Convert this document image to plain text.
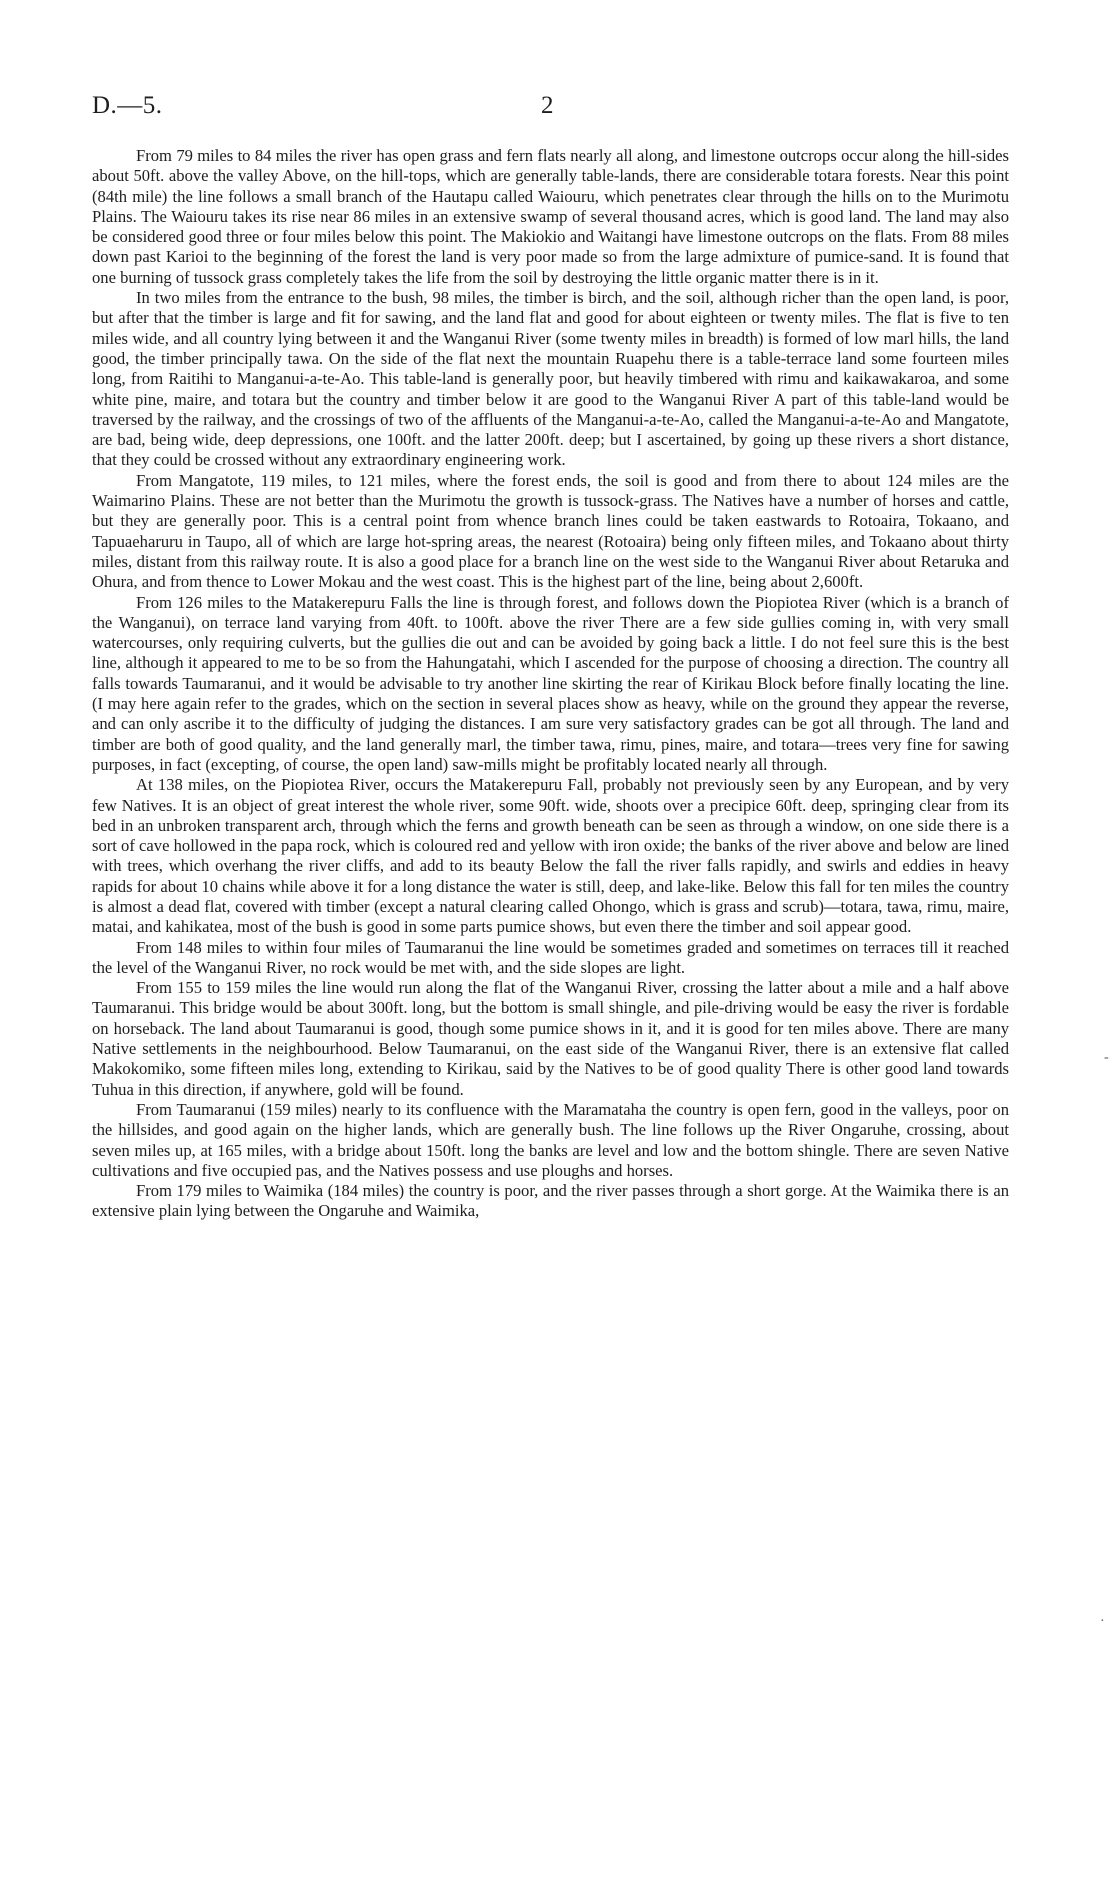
D.—5.	2

From 79 miles to 84 miles the river has open grass and fern flats nearly all along, and limestone outcrops occur along the hill-sides about 50ft. above the valley Above, on the hill-tops, which are generally table-lands, there are considerable totara forests. Near this point (84th mile) the line follows a small branch of the Hautapu called Waiouru, which penetrates clear through the hills on to the Murimotu Plains. The Waiouru takes its rise near 86 miles in an extensive swamp of several thousand acres, which is good land. The land may also be considered good three or four miles below this point. The Makiokio and Waitangi have limestone outcrops on the flats. From 88 miles down past Karioi to the beginning of the forest the land is very poor made so from the large admixture of pumice-sand. It is found that one burning of tussock grass completely takes the life from the soil by destroying the little organic matter there is in it.

In two miles from the entrance to the bush, 98 miles, the timber is birch, and the soil, although richer than the open land, is poor, but after that the timber is large and fit for sawing, and the land flat and good for about eighteen or twenty miles. The flat is five to ten miles wide, and all country lying between it and the Wanganui River (some twenty miles in breadth) is formed of low marl hills, the land good, the timber principally tawa. On the side of the flat next the mountain Ruapehu there is a table-terrace land some fourteen miles long, from Raitihi to Manganui-a-te-Ao. This table-land is generally poor, but heavily timbered with rimu and kaikawakaroa, and some white pine, maire, and totara but the country and timber below it are good to the Wanganui River A part of this table-land would be traversed by the railway, and the crossings of two of the affluents of the Manganui-a-te-Ao, called the Manganui-a-te-Ao and Mangatote, are bad, being wide, deep depressions, one 100ft. and the latter 200ft. deep; but I ascertained, by going up these rivers a short distance, that they could be crossed without any extraordinary engineering work.

From Mangatote, 119 miles, to 121 miles, where the forest ends, the soil is good and from there to about 124 miles are the Waimarino Plains. These are not better than the Murimotu the growth is tussock-grass. The Natives have a number of horses and cattle, but they are generally poor. This is a central point from whence branch lines could be taken eastwards to Rotoaira, Tokaano, and Tapuaeharuru in Taupo, all of which are large hot-spring areas, the nearest (Rotoaira) being only fifteen miles, and Tokaano about thirty miles, distant from this railway route. It is also a good place for a branch line on the west side to the Wanganui River about Retaruka and Ohura, and from thence to Lower Mokau and the west coast. This is the highest part of the line, being about 2,600ft.

From 126 miles to the Matakerepuru Falls the line is through forest, and follows down the Piopiotea River (which is a branch of the Wanganui), on terrace land varying from 40ft. to 100ft. above the river There are a few side gullies coming in, with very small watercourses, only requiring culverts, but the gullies die out and can be avoided by going back a little. I do not feel sure this is the best line, although it appeared to me to be so from the Hahungatahi, which I ascended for the purpose of choosing a direction. The country all falls towards Taumaranui, and it would be advisable to try another line skirting the rear of Kirikau Block before finally locating the line. (I may here again refer to the grades, which on the section in several places show as heavy, while on the ground they appear the reverse, and can only ascribe it to the difficulty of judging the distances. I am sure very satisfactory grades can be got all through. The land and timber are both of good quality, and the land generally marl, the timber tawa, rimu, pines, maire, and totara—trees very fine for sawing purposes, in fact (excepting, of course, the open land) saw-mills might be profitably located nearly all through.

At 138 miles, on the Piopiotea River, occurs the Matakerepuru Fall, probably not previously seen by any European, and by very few Natives. It is an object of great interest the whole river, some 90ft. wide, shoots over a precipice 60ft. deep, springing clear from its bed in an unbroken transparent arch, through which the ferns and growth beneath can be seen as through a window, on one side there is a sort of cave hollowed in the papa rock, which is coloured red and yellow with iron oxide; the banks of the river above and below are lined with trees, which overhang the river cliffs, and add to its beauty Below the fall the river falls rapidly, and swirls and eddies in heavy rapids for about 10 chains while above it for a long distance the water is still, deep, and lake-like. Below this fall for ten miles the country is almost a dead flat, covered with timber (except a natural clearing called Ohongo, which is grass and scrub)—totara, tawa, rimu, maire, matai, and kahikatea, most of the bush is good in some parts pumice shows, but even there the timber and soil appear good.

From 148 miles to within four miles of Taumaranui the line would be sometimes graded and sometimes on terraces till it reached the level of the Wanganui River, no rock would be met with, and the side slopes are light.

From 155 to 159 miles the line would run along the flat of the Wanganui River, crossing the latter about a mile and a half above Taumaranui. This bridge would be about 300ft. long, but the bottom is small shingle, and pile-driving would be easy the river is fordable on horseback. The land about Taumaranui is good, though some pumice shows in it, and it is good for ten miles above. There are many Native settlements in the neighbourhood. Below Taumaranui, on the east side of the Wanganui River, there is an extensive flat called Makokomiko, some fifteen miles long, extending to Kirikau, said by the Natives to be of good quality There is other good land towards Tuhua in this direction, if anywhere, gold will be found.

From Taumaranui (159 miles) nearly to its confluence with the Maramataha the country is open fern, good in the valleys, poor on the hillsides, and good again on the higher lands, which are generally bush. The line follows up the River Ongaruhe, crossing, about seven miles up, at 165 miles, with a bridge about 150ft. long the banks are level and low and the bottom shingle. There are seven Native cultivations and five occupied pas, and the Natives possess and use ploughs and horses.

From 179 miles to Waimika (184 miles) the country is poor, and the river passes through a short gorge. At the Waimika there is an extensive plain lying between the Ongaruhe and Waimika,

-
·
